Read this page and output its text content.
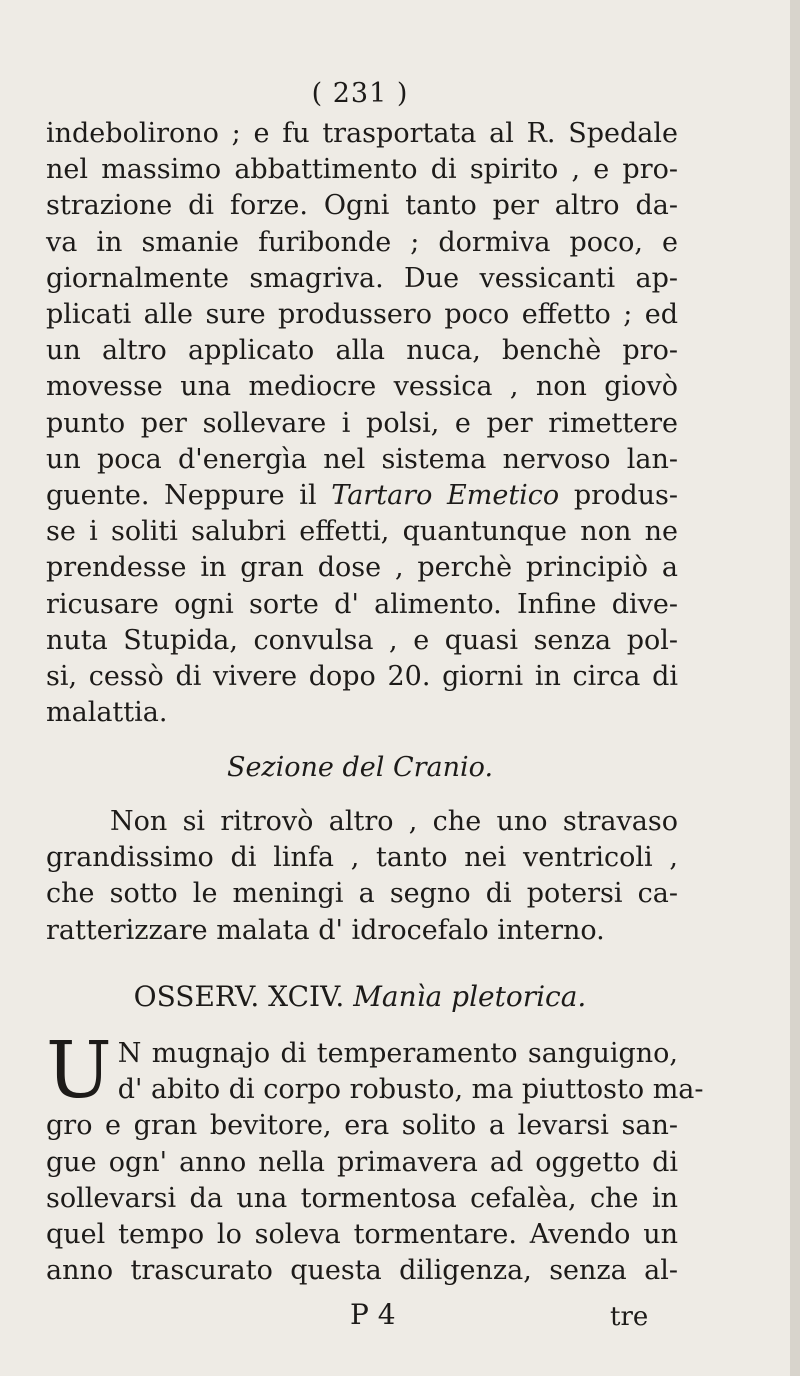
( 231 )
indebolirono ; e fu trasportata al R. Spedale
nel massimo abbattimento di spirito , e pro-
strazione di forze. Ogni tanto per altro da-
va in smanie furibonde ; dormiva poco, e
giornalmente smagriva. Due vessicanti ap-
plicati alle sure produssero poco effetto ; ed
un altro applicato alla nuca, benchè pro-
movesse una mediocre vessica , non giovò
punto per sollevare i polsi, e per rimettere
un poca d'energìa nel sistema nervoso lan-
guente. Neppure il Tartaro Emetico produs-
se i soliti salubri effetti, quantunque non ne
prendesse in gran dose , perchè principiò a
ricusare ogni sorte d' alimento. Infine dive-
nuta Stupida, convulsa , e quasi senza pol-
si, cessò di vivere dopo 20. giorni in circa di
malattia.
Sezione del Cranio.
Non si ritrovò altro , che uno stravaso
grandissimo di linfa , tanto nei ventricoli ,
che sotto le meningi a segno di potersi ca-
ratterizzare malata d' idrocefalo interno.
OSSERV. XCIV. Manìa pletorica.
U N mugnajo di temperamento sanguigno,
d' abito di corpo robusto, ma piuttosto ma-
gro e gran bevitore, era solito a levarsi san-
gue ogn' anno nella primavera ad oggetto di
sollevarsi da una tormentosa cefalèa, che in
quel tempo lo soleva tormentare. Avendo un
anno trascurato questa diligenza, senza al-
P 4	tre
